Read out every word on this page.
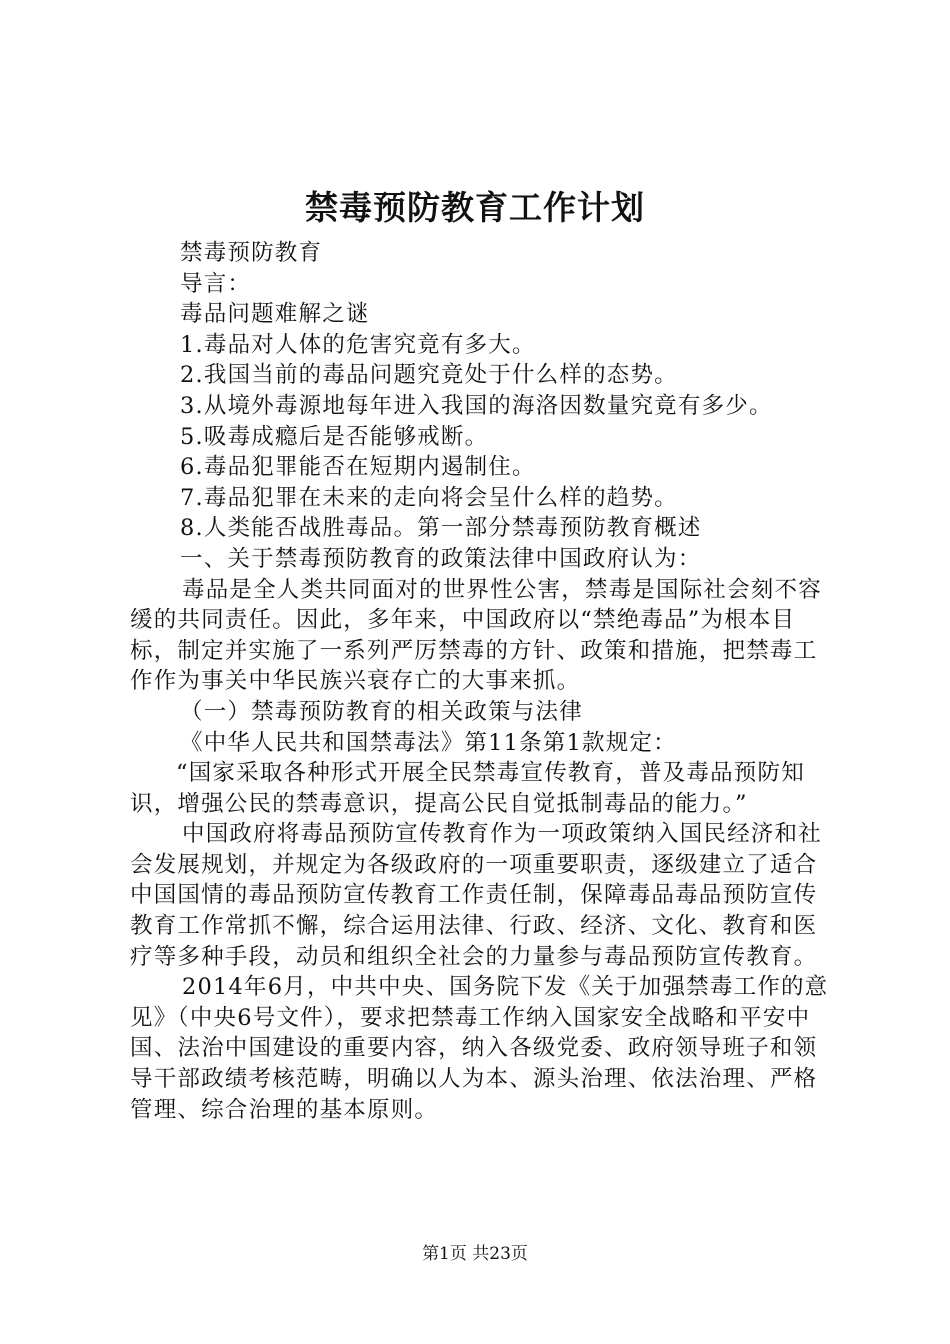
禁毒预防教育工作计划

禁毒预防教育

导言：

毒品问题难解之谜

1.毒品对人体的危害究竟有多大。

2.我国当前的毒品问题究竟处于什么样的态势。

3.从境外毒源地每年进入我国的海洛因数量究竟有多少。

5.吸毒成瘾后是否能够戒断。

6.毒品犯罪能否在短期内遏制住。

7.毒品犯罪在未来的走向将会呈什么样的趋势。

8.人类能否战胜毒品。第一部分禁毒预防教育概述

一、关于禁毒预防教育的政策法律中国政府认为：

毒品是全人类共同面对的世界性公害，禁毒是国际社会刻不容缓的共同责任。因此，多年来，中国政府以“禁绝毒品”为根本目标，制定并实施了一系列严厉禁毒的方针、政策和措施，把禁毒工作作为事关中华民族兴衰存亡的大事来抓。

（一）禁毒预防教育的相关政策与法律

《中华人民共和国禁毒法》第11条第1款规定：

“国家采取各种形式开展全民禁毒宣传教育，普及毒品预防知识，增强公民的禁毒意识，提高公民自觉抵制毒品的能力。”

中国政府将毒品预防宣传教育作为一项政策纳入国民经济和社会发展规划，并规定为各级政府的一项重要职责，逐级建立了适合中国国情的毒品预防宣传教育工作责任制，保障毒品毒品预防宣传教育工作常抓不懈，综合运用法律、行政、经济、文化、教育和医疗等多种手段，动员和组织全社会的力量参与毒品预防宣传教育。

2014年6月，中共中央、国务院下发《关于加强禁毒工作的意见》（中央6号文件），要求把禁毒工作纳入国家安全战略和平安中国、法治中国建设的重要内容，纳入各级党委、政府领导班子和领导干部政绩考核范畴，明确以人为本、源头治理、依法治理、严格管理、综合治理的基本原则。

第1页 共23页
